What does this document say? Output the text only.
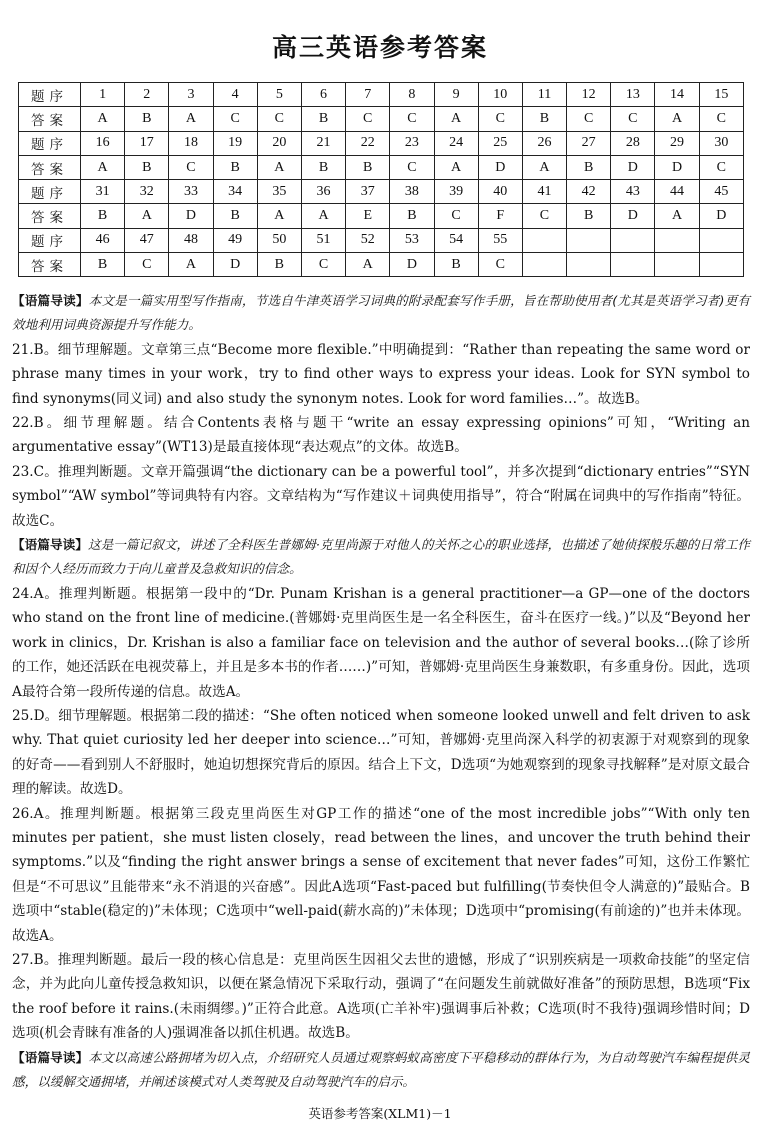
高三英语参考答案
题序	1	2	3	4	5	6	7	8	9	10	11	12	13	14	15
答案	A	B	A	C	C	B	C	C	A	C	B	C	C	A	C
题序	16	17	18	19	20	21	22	23	24	25	26	27	28	29	30
答案	A	B	C	B	A	B	B	C	A	D	A	B	D	D	C
题序	31	32	33	34	35	36	37	38	39	40	41	42	43	44	45
答案	B	A	D	B	A	A	E	B	C	F	C	B	D	A	D
题序	46	47	48	49	50	51	52	53	54	55					
答案	B	C	A	D	B	C	A	D	B	C					

【语篇导读】本文是一篇实用型写作指南，节选自牛津英语学习词典的附录配套写作手册，旨在帮助使用者(尤其是英语学习者)更有效地利用词典资源提升写作能力。

21.B。细节理解题。文章第三点“Become more flexible.”中明确提到：“Rather than repeating the same word or phrase many times in your work，try to find other ways to express your ideas. Look for SYN symbol to find synonyms(同义词) and also study the synonym notes. Look for word families…”。故选B。

22.B。细节理解题。结合Contents表格与题干“write an essay expressing opinions”可知，“Writing an argumentative essay”(WT13)是最直接体现“表达观点”的文体。故选B。

23.C。推理判断题。文章开篇强调“the dictionary can be a powerful tool”，并多次提到“dictionary entries”“SYN symbol”“AW symbol”等词典特有内容。文章结构为“写作建议＋词典使用指导”，符合“附属在词典中的写作指南”特征。故选C。

【语篇导读】这是一篇记叙文，讲述了全科医生普娜姆·克里尚源于对他人的关怀之心的职业选择，也描述了她侦探般乐趣的日常工作和因个人经历而致力于向儿童普及急救知识的信念。

24.A。推理判断题。根据第一段中的“Dr. Punam Krishan is a general practitioner—a GP—one of the doctors who stand on the front line of medicine.(普娜姆·克里尚医生是一名全科医生，奋斗在医疗一线。)”以及“Beyond her work in clinics，Dr. Krishan is also a familiar face on television and the author of several books…(除了诊所的工作，她还活跃在电视荧幕上，并且是多本书的作者……)”可知，普娜姆·克里尚医生身兼数职，有多重身份。因此，选项A最符合第一段所传递的信息。故选A。

25.D。细节理解题。根据第二段的描述：“She often noticed when someone looked unwell and felt driven to ask why. That quiet curiosity led her deeper into science…”可知，普娜姆·克里尚深入科学的初衷源于对观察到的现象的好奇——看到别人不舒服时，她迫切想探究背后的原因。结合上下文，D选项“为她观察到的现象寻找解释”是对原文最合理的解读。故选D。

26.A。推理判断题。根据第三段克里尚医生对GP工作的描述“one of the most incredible jobs”“With only ten minutes per patient，she must listen closely，read between the lines，and uncover the truth behind their symptoms.”以及“finding the right answer brings a sense of excitement that never fades”可知，这份工作繁忙但是“不可思议”且能带来“永不消退的兴奋感”。因此A选项“Fast-paced but fulfilling(节奏快但令人满意的)”最贴合。B选项中“stable(稳定的)”未体现；C选项中“well-paid(薪水高的)”未体现；D选项中“promising(有前途的)”也并未体现。故选A。

27.B。推理判断题。最后一段的核心信息是：克里尚医生因祖父去世的遗憾，形成了“识别疾病是一项救命技能”的坚定信念，并为此向儿童传授急救知识，以便在紧急情况下采取行动，强调了“在问题发生前就做好准备”的预防思想，B选项“Fix the roof before it rains.(未雨绸缪。)”正符合此意。A选项(亡羊补牢)强调事后补救；C选项(时不我待)强调珍惜时间；D选项(机会青睐有准备的人)强调准备以抓住机遇。故选B。

【语篇导读】本文以高速公路拥堵为切入点，介绍研究人员通过观察蚂蚁高密度下平稳移动的群体行为，为自动驾驶汽车编程提供灵感，以缓解交通拥堵，并阐述该模式对人类驾驶及自动驾驶汽车的启示。

英语参考答案(XLM1)－1
